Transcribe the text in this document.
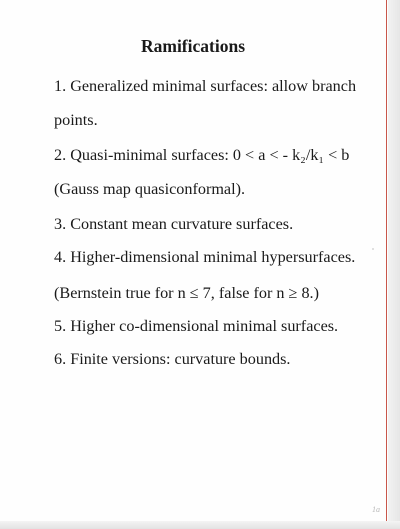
Ramifications
1. Generalized minimal surfaces: allow branch
points.
2. Quasi-minimal surfaces: 0 < a < - k₂/k₁ < b
(Gauss map quasiconformal).
3. Constant mean curvature surfaces.
4. Higher-dimensional minimal hypersurfaces.
(Bernstein true for n ≤ 7, false for n ≥ 8.)
5. Higher co-dimensional minimal surfaces.
6. Finite versions: curvature bounds.
1a
